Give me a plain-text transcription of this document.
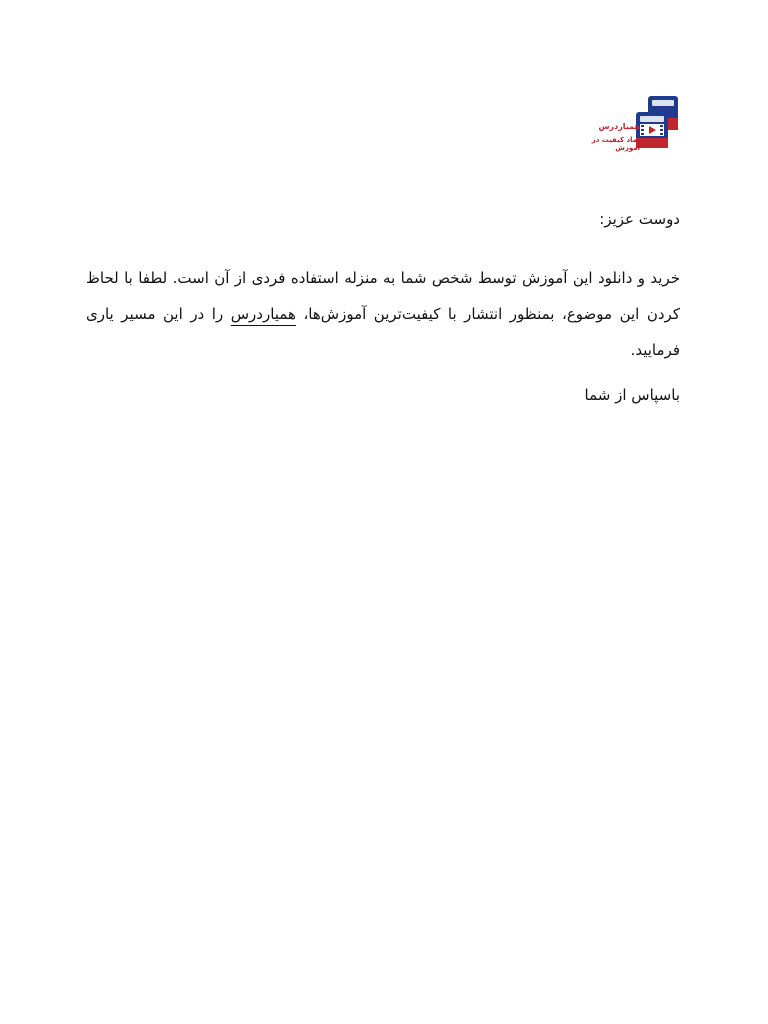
همیاردرس
نماد کیفیت در آموزش

دوست عزیز:

خرید و دانلود این آموزش توسط شخص شما به منزله استفاده فردی از آن است. لطفا با لحاظ کردن این موضوع، بمنظور انتشار با کیفیت‌ترین آموزش‌ها، همیاردرس را در این مسیر یاری فرمایید.

باسپاس از شما
